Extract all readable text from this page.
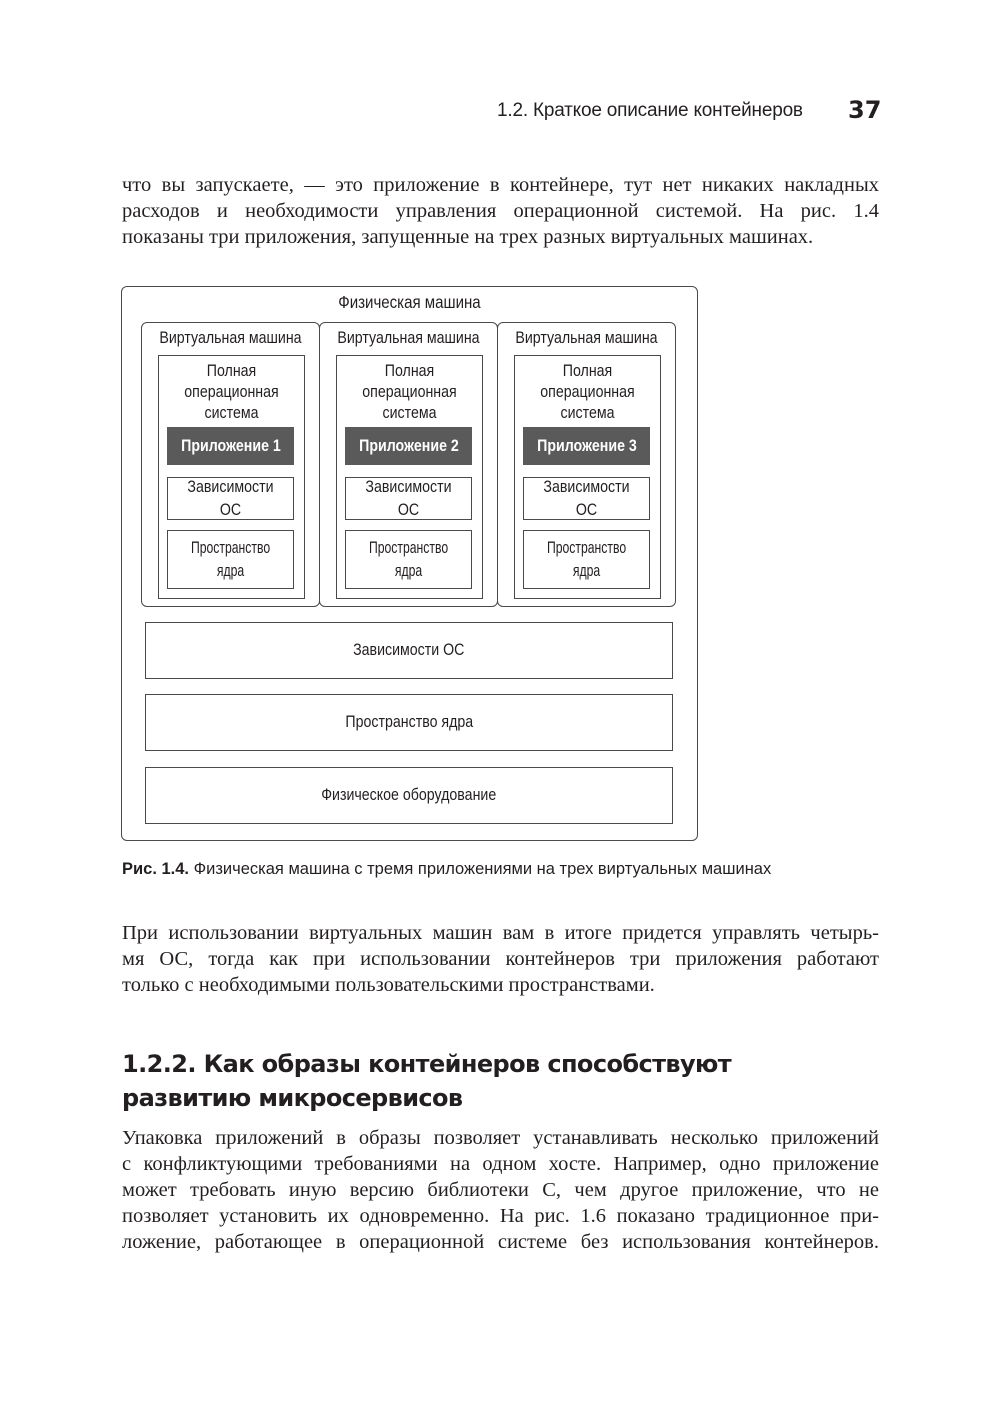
1.2. Краткое описание контейнеров 37

что вы запускаете, — это приложение в контейнере, тут нет никаких накладных
расходов и необходимости управления операционной системой. На рис. 1.4
показаны три приложения, запущенные на трех разных виртуальных машинах.

Физическая машина
Виртуальная машина
Полная
операционная
система
Приложение 1
Зависимости ОС
Пространство
ядра
Виртуальная машина
Полная
операционная
система
Приложение 2
Зависимости ОС
Пространство
ядра
Виртуальная машина
Полная
операционная
система
Приложение 3
Зависимости ОС
Пространство
ядра
Зависимости ОС
Пространство ядра
Физическое оборудование
Рис. 1.4. Физическая машина с тремя приложениями на трех виртуальных машинах

При использовании виртуальных машин вам в итоге придется управлять четырь-
мя ОС, тогда как при использовании контейнеров три приложения работают
только с необходимыми пользовательскими пространствами.

1.2.2. Как образы контейнеров способствуют
развитию микросервисов

Упаковка приложений в образы позволяет устанавливать несколько приложений
с конфликтующими требованиями на одном хосте. Например, одно приложение
может требовать иную версию библиотеки C, чем другое приложение, что не
позволяет установить их одновременно. На рис. 1.6 показано традиционное при-
ложение, работающее в операционной системе без использования контейнеров.
